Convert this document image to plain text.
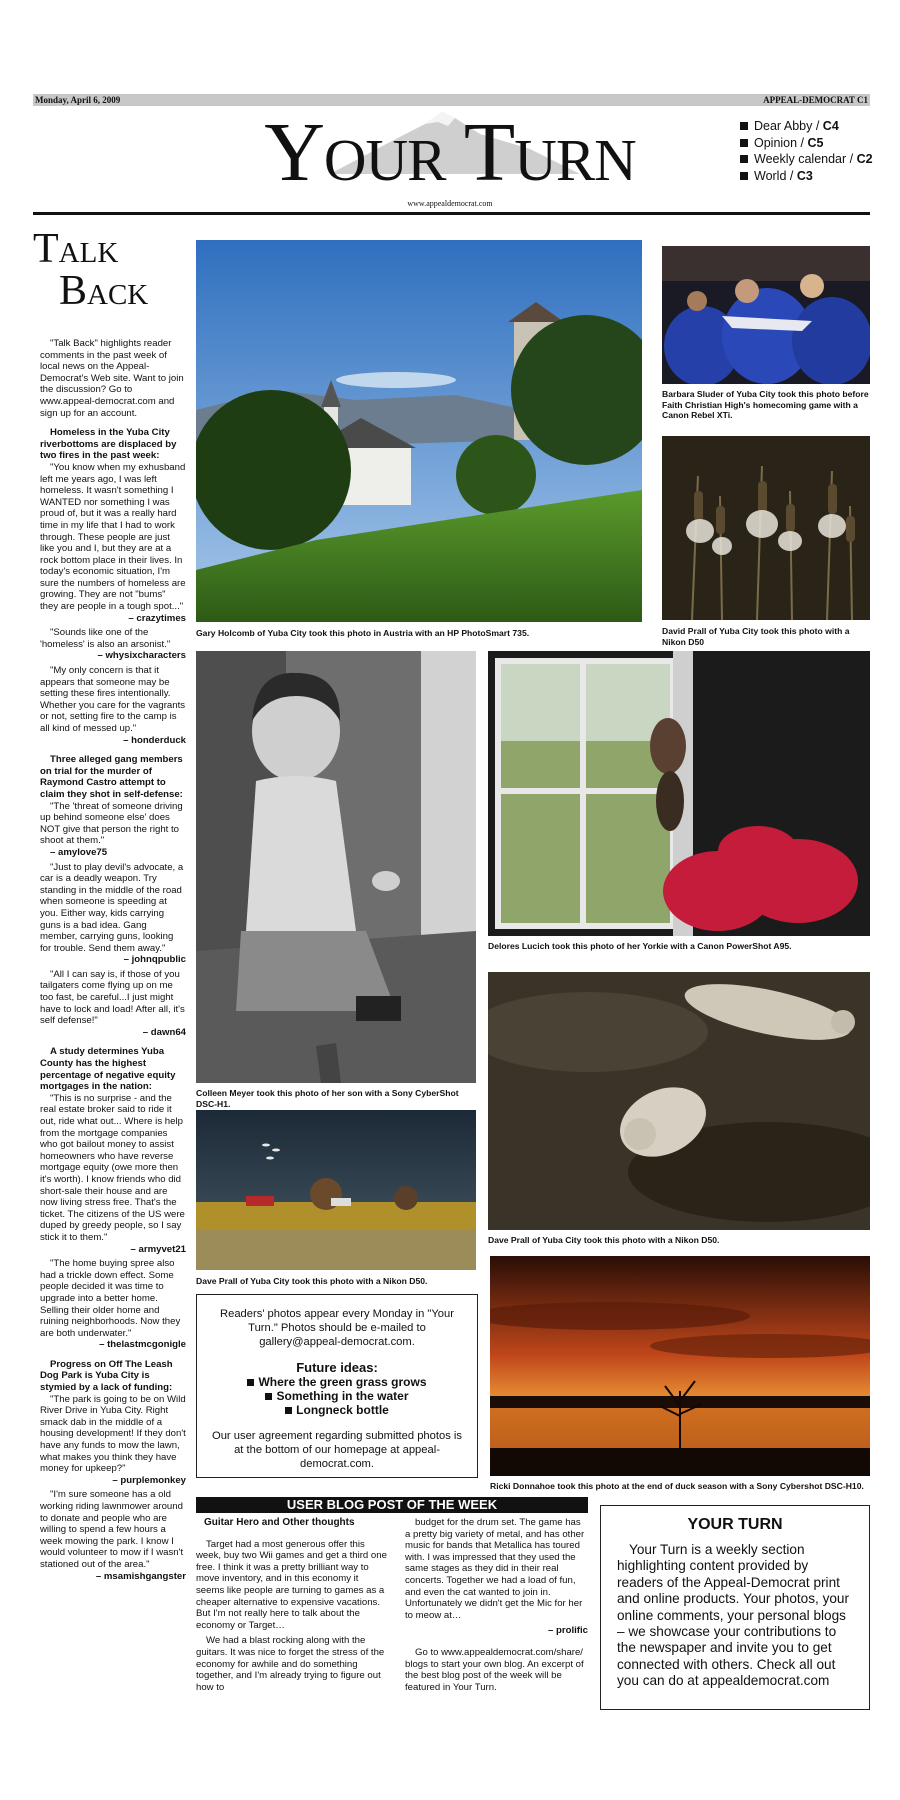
Monday, April 6, 2009	APPEAL-DEMOCRAT C1
Your Turn
www.appealdemocrat.com
Dear Abby / C4
Opinion / C5
Weekly calendar / C2
World / C3
Talk
Back

"Talk Back" highlights reader comments in the past week of local news on the Appeal-Democrat's Web site. Want to join the discussion? Go to www.appeal-democrat.com and sign up for an account.

Homeless in the Yuba City riverbottoms are displaced by two fires in the past week:

"You know when my exhusband left me years ago, I was left homeless. It wasn't something I WANTED nor something I was proud of, but it was a really hard time in my life that I had to work through. These people are just like you and I, but they are at a rock bottom place in their lives. In today's economic situation, I'm sure the numbers of homeless are growing. They are not "bums" they are people in a tough spot..."

– crazytimes

"Sounds like one of the 'homeless' is also an arsonist."

– whysixcharacters

"My only concern is that it appears that someone may be setting these fires intentionally. Whether you care for the vagrants or not, setting fire to the camp is all kind of messed up."

– honderduck

Three alleged gang members on trial for the murder of Raymond Castro attempt to claim they shot in self-defense:

"The 'threat of someone driving up behind someone else' does NOT give that person the right to shoot at them."

– amylove75

"Just to play devil's advocate, a car is a deadly weapon. Try standing in the middle of the road when someone is speeding at you. Either way, kids carrying guns is a bad idea. Gang member, carrying guns, looking for trouble. Send them away."

– johnqpublic

"All I can say is, if those of you tailgaters come flying up on me too fast, be careful...I just might have to lock and load! After all, it's self defense!"

– dawn64

A study determines Yuba County has the highest percentage of negative equity mortgages in the nation:

"This is no surprise - and the real estate broker said to ride it out, ride what out... Where is help from the mortgage companies who got bailout money to assist homeowners who have reverse mortgage equity (owe more then it's worth). I know friends who did short-sale their house and are now living stress free. That's the ticket. The citizens of the US were duped by greedy people, so I say stick it to them."

– armyvet21

"The home buying spree also had a trickle down effect. Some people decided it was time to upgrade into a better home. Selling their older home and ruining neighborhoods. Now they are both underwater."

– thelastmcgonigle

Progress on Off The Leash Dog Park is Yuba City is stymied by a lack of funding:

"The park is going to be on Wild River Drive in Yuba City. Right smack dab in the middle of a housing development! If they don't have any funds to mow the lawn, what makes you think they have money for upkeep?"

– purplemonkey

"I'm sure someone has a old working riding lawnmower around to donate and people who are willing to spend a few hours a week mowing the park. I know I would volunteer to mow if I wasn't stationed out of the area."

– msamishgangster

Gary Holcomb of Yuba City took this photo in Austria with an HP PhotoSmart 735.
Barbara Sluder of Yuba City took this photo before Faith Christian High's homecoming game with a Canon Rebel XTi.
David Prall of Yuba City took this photo with a Nikon D50
Colleen Meyer took this photo of her son with a Sony CyberShot DSC-H1.
Delores Lucich took this photo of her Yorkie with a Canon PowerShot A95.
Dave Prall of Yuba City took this photo with a Nikon D50.
Dave Prall of Yuba City took this photo with a Nikon D50.
Ricki Donnahoe took this photo at the end of duck season with a Sony Cybershot DSC-H10.
Readers' photos appear every Monday in "Your Turn." Photos should be e-mailed to gallery@appeal-democrat.com.
Future ideas:
Where the green grass grows
Something in the water
Longneck bottle
Our user agreement regarding submitted photos is at the bottom of our homepage at appeal-democrat.com.
USER BLOG POST OF THE WEEK

Guitar Hero and Other thoughts

Target had a most generous offer this week, buy two Wii games and get a third one free. I think it was a pretty brilliant way to move inventory, and in this economy it seems like people are turning to games as a cheaper alternative to expensive vacations. But I'm not really here to talk about the economy or Target…

We had a blast rocking along with the guitars. It was nice to forget the stress of the economy for awhile and do something together, and I'm already trying to figure out how to

budget for the drum set. The game has a pretty big variety of metal, and has other music for bands that Metallica has toured with. I was impressed that they used the same stages as they did in their real concerts. Together we had a load of fun, and even the cat wanted to join in. Unfortunately we didn't get the Mic for her to meow at…

– prolific

Go to www.appealdemocrat.com/share/ blogs to start your own blog. An excerpt of the best blog post of the week will be featured in Your Turn.

YOUR TURN
Your Turn is a weekly section highlighting content provided by readers of the Appeal-Democrat print and online products. Your photos, your online comments, your personal blogs – we showcase your contributions to the newspaper and invite you to get connected with others. Check all out you can do at appealdemocrat.com
